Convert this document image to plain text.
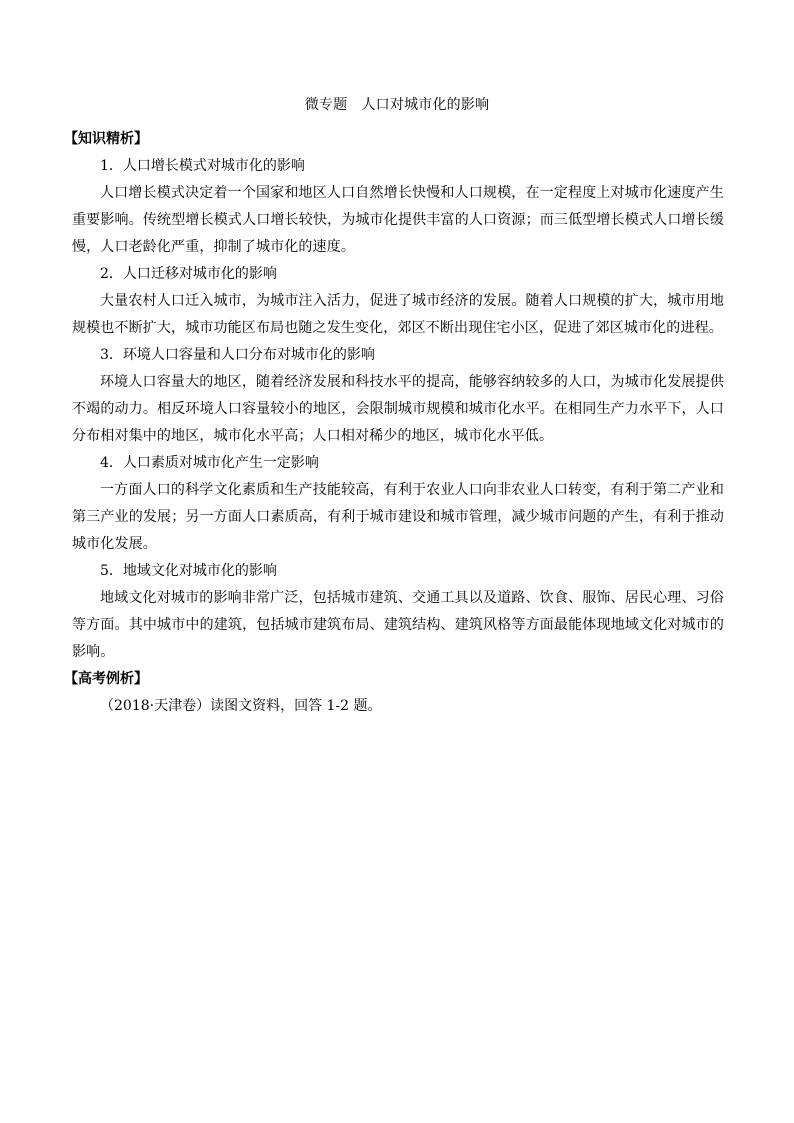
微专题　人口对城市化的影响

【知识精析】

1．人口增长模式对城市化的影响

人口增长模式决定着一个国家和地区人口自然增长快慢和人口规模，在一定程度上对城市化速度产生重要影响。传统型增长模式人口增长较快，为城市化提供丰富的人口资源；而三低型增长模式人口增长缓慢，人口老龄化严重，抑制了城市化的速度。

2．人口迁移对城市化的影响

大量农村人口迁入城市，为城市注入活力，促进了城市经济的发展。随着人口规模的扩大，城市用地规模也不断扩大，城市功能区布局也随之发生变化，郊区不断出现住宅小区，促进了郊区城市化的进程。

3．环境人口容量和人口分布对城市化的影响

环境人口容量大的地区，随着经济发展和科技水平的提高，能够容纳较多的人口，为城市化发展提供不竭的动力。相反环境人口容量较小的地区，会限制城市规模和城市化水平。在相同生产力水平下，人口分布相对集中的地区，城市化水平高；人口相对稀少的地区，城市化水平低。

4．人口素质对城市化产生一定影响

一方面人口的科学文化素质和生产技能较高，有利于农业人口向非农业人口转变，有利于第二产业和第三产业的发展；另一方面人口素质高，有利于城市建设和城市管理，减少城市问题的产生，有利于推动城市化发展。

5．地域文化对城市化的影响

地域文化对城市的影响非常广泛，包括城市建筑、交通工具以及道路、饮食、服饰、居民心理、习俗等方面。其中城市中的建筑，包括城市建筑布局、建筑结构、建筑风格等方面最能体现地域文化对城市的影响。

【高考例析】

（2018·天津卷）读图文资料，回答 1-2 题。
